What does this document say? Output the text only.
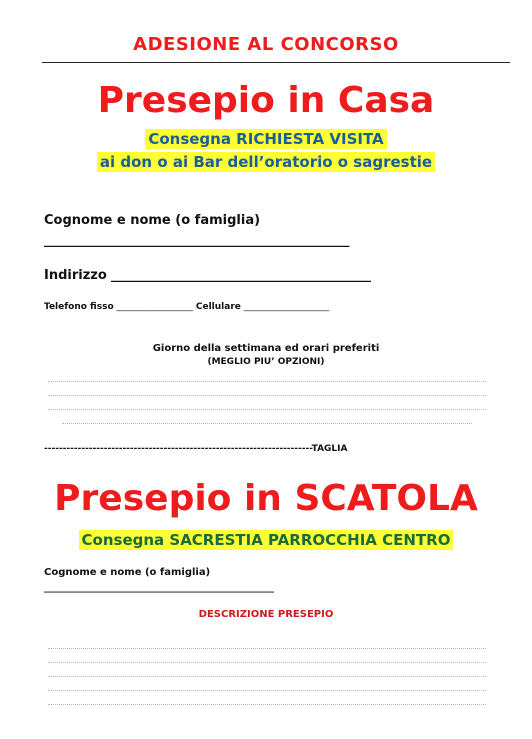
ADESIONE AL CONCORSO
Presepio in Casa
Consegna RICHIESTA VISITA
ai don o ai Bar dell’oratorio o sagrestie
Cognome e nome (o famiglia)
_______________________________________________
Indirizzo ________________________________________
Telefono fisso _________________ Cellulare ___________________
Giorno della settimana ed orari preferiti
(MEGLIO PIU’ OPZIONI)
------------------------------------------------------------------------TAGLIA
Presepio in SCATOLA
Consegna SACRESTIA PARROCCHIA CENTRO
Cognome e nome (o famiglia)
______________________________________________
DESCRIZIONE PRESEPIO
